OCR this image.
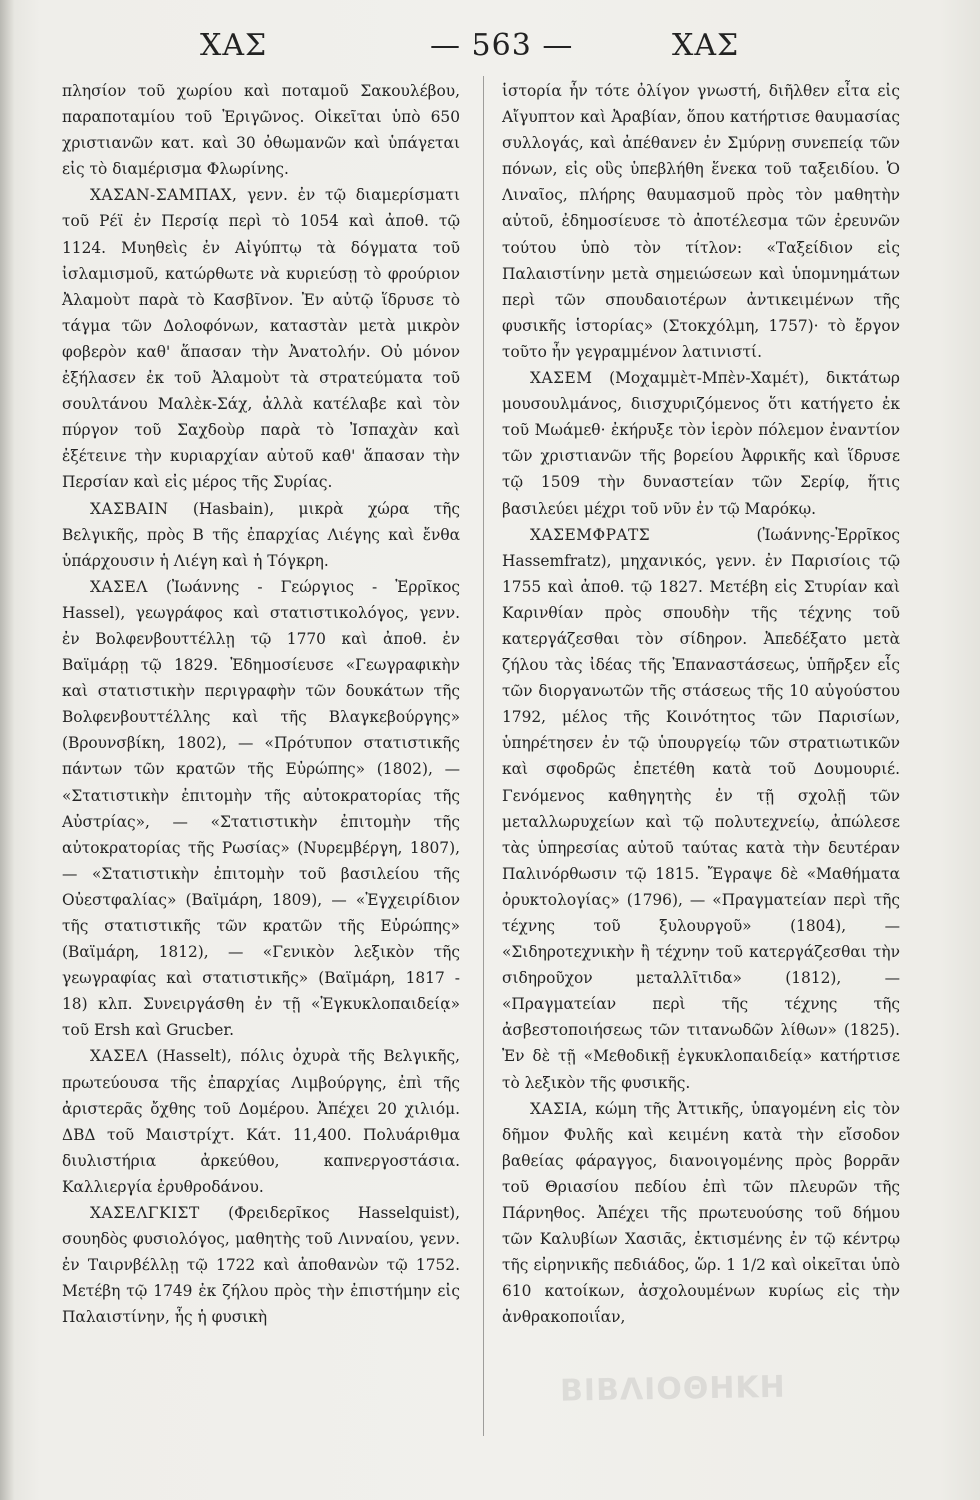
ΧΑΣ	— 563 —	ΧΑΣ

πλησίον τοῦ χωρίου καὶ ποταμοῦ Σακουλέβου, παραποταμίου τοῦ Ἐριγῶνος. Οἰκεῖται ὑπὸ 650 χριστιανῶν κατ. καὶ 30 ὀθωμανῶν καὶ ὑπάγεται εἰς τὸ διαμέρισμα Φλωρίνης.

ΧΑΣΑΝ-ΣΑΜΠΑΧ, γενν. ἐν τῷ διαμερίσματι τοῦ Ρέϊ ἐν Περσίᾳ περὶ τὸ 1054 καὶ ἀποθ. τῷ 1124. Μυηθεὶς ἐν Αἰγύπτῳ τὰ δόγματα τοῦ ἰσλαμισμοῦ, κατώρθωτε νὰ κυριεύσῃ τὸ φρούριον Ἀλαμοὺτ παρὰ τὸ Κασβῖνον. Ἐν αὐτῷ ἵδρυσε τὸ τάγμα τῶν Δολοφόνων, καταστὰν μετὰ μικρὸν φοβερὸν καθ' ἅπασαν τὴν Ἀνατολήν. Οὐ μόνον ἐξήλασεν ἐκ τοῦ Ἀλαμοὺτ τὰ στρατεύματα τοῦ σουλτάνου Μαλὲκ-Σάχ, ἀλλὰ κατέλαβε καὶ τὸν πύργον τοῦ Σαχδοὺρ παρὰ τὸ Ἰσπαχὰν καὶ ἐξέτεινε τὴν κυριαρχίαν αὐτοῦ καθ' ἅπασαν τὴν Περσίαν καὶ εἰς μέρος τῆς Συρίας.

ΧΑΣΒΑΙΝ (Hasbain), μικρὰ χώρα τῆς Βελγικῆς, πρὸς Β τῆς ἐπαρχίας Λιέγης καὶ ἔνθα ὑπάρχουσιν ἡ Λιέγη καὶ ἡ Τόγκρη.

ΧΑΣΕΛ (Ἰωάννης - Γεώργιος - Ἐρρῖκος Hassel), γεωγράφος καὶ στατιστικολόγος, γενν. ἐν Βολφενβουττέλλῃ τῷ 1770 καὶ ἀποθ. ἐν Βαϊμάρῃ τῷ 1829. Ἐδημοσίευσε «Γεωγραφικὴν καὶ στατιστικὴν περιγραφὴν τῶν δουκάτων τῆς Βολφενβουττέλλης καὶ τῆς Βλαγκεβούργης» (Βρουνσβίκη, 1802), — «Πρότυπον στατιστικῆς πάντων τῶν κρατῶν τῆς Εὐρώπης» (1802), — «Στατιστικὴν ἐπιτομὴν τῆς αὐτοκρατορίας τῆς Αὐστρίας», — «Στατιστικὴν ἐπιτομὴν τῆς αὐτοκρατορίας τῆς Ρωσίας» (Νυρεμβέργη, 1807), — «Στατιστικὴν ἐπιτομὴν τοῦ βασιλείου τῆς Οὐεστφαλίας» (Βαϊμάρη, 1809), — «Ἐγχειρίδιον τῆς στατιστικῆς τῶν κρατῶν τῆς Εὐρώπης» (Βαϊμάρη, 1812), — «Γενικὸν λεξικὸν τῆς γεωγραφίας καὶ στατιστικῆς» (Βαϊμάρη, 1817 - 18) κλπ. Συνειργάσθη ἐν τῇ «Ἐγκυκλοπαιδείᾳ» τοῦ Ersh καὶ Grucber.

ΧΑΣΕΛ (Hasselt), πόλις ὀχυρὰ τῆς Βελγικῆς, πρωτεύουσα τῆς ἐπαρχίας Λιμβούργης, ἐπὶ τῆς ἀριστερᾶς ὄχθης τοῦ Δομέρου. Ἀπέχει 20 χιλιόμ. ΔΒΔ τοῦ Μαιστρίχτ. Κάτ. 11,400. Πολυάριθμα διυλιστήρια ἀρκεύθου, καπνεργοστάσια. Καλλιεργία ἐρυθροδάνου.

ΧΑΣΕΛΓΚΙΣΤ (Φρειδερῖκος Hasselquist), σουηδὸς φυσιολόγος, μαθητὴς τοῦ Λινναίου, γενν. ἐν Ταιρνβέλλῃ τῷ 1722 καὶ ἀποθανὼν τῷ 1752. Μετέβη τῷ 1749 ἐκ ζήλου πρὸς τὴν ἐπιστήμην εἰς Παλαιστίνην, ἧς ἡ φυσικὴ

ἱστορία ἦν τότε ὀλίγον γνωστή, διῆλθεν εἶτα εἰς Αἴγυπτον καὶ Ἀραβίαν, ὅπου κατήρτισε θαυμασίας συλλογάς, καὶ ἀπέθανεν ἐν Σμύρνῃ συνεπείᾳ τῶν πόνων, εἰς οὓς ὑπεβλήθη ἕνεκα τοῦ ταξειδίου. Ὁ Λιναῖος, πλήρης θαυμασμοῦ πρὸς τὸν μαθητὴν αὐτοῦ, ἐδημοσίευσε τὸ ἀποτέλεσμα τῶν ἐρευνῶν τούτου ὑπὸ τὸν τίτλον: «Ταξείδιον εἰς Παλαιστίνην μετὰ σημειώσεων καὶ ὑπομνημάτων περὶ τῶν σπουδαιοτέρων ἀντικειμένων τῆς φυσικῆς ἱστορίας» (Στοκχόλμη, 1757)· τὸ ἔργον τοῦτο ἦν γεγραμμένον λατινιστί.

ΧΑΣΕΜ (Μοχαμμὲτ-Μπὲν-Χαμέτ), δικτάτωρ μουσουλμάνος, διισχυριζόμενος ὅτι κατήγετο ἐκ τοῦ Μωάμεθ· ἐκήρυξε τὸν ἱερὸν πόλεμον ἐναντίον τῶν χριστιανῶν τῆς βορείου Ἀφρικῆς καὶ ἵδρυσε τῷ 1509 τὴν δυναστείαν τῶν Σερίφ, ἥτις βασιλεύει μέχρι τοῦ νῦν ἐν τῷ Μαρόκῳ.

ΧΑΣΕΜΦΡΑΤΣ	(Ἰωάννης-Ἐρρῖκος Hassemfratz), μηχανικός, γενν. ἐν Παρισίοις τῷ 1755 καὶ ἀποθ. τῷ 1827. Μετέβη εἰς Στυρίαν καὶ Καρινθίαν πρὸς σπουδὴν τῆς τέχνης τοῦ κατεργάζεσθαι τὸν σίδηρον. Ἀπεδέξατο μετὰ ζήλου τὰς ἰδέας τῆς Ἐπαναστάσεως, ὑπῆρξεν εἷς τῶν διοργανωτῶν τῆς στάσεως τῆς 10 αὐγούστου 1792, μέλος τῆς Κοινότητος τῶν Παρισίων, ὑπηρέτησεν ἐν τῷ ὑπουργείῳ τῶν στρατιωτικῶν καὶ σφοδρῶς ἐπετέθη κατὰ τοῦ Δουμουριέ. Γενόμενος καθηγητὴς ἐν τῇ σχολῇ τῶν μεταλλωρυχείων καὶ τῷ πολυτεχνείῳ, ἀπώλεσε τὰς ὑπηρεσίας αὐτοῦ ταύτας κατὰ τὴν δευτέραν Παλινόρθωσιν τῷ 1815. Ἔγραψε δὲ «Μαθήματα ὀρυκτολογίας» (1796), — «Πραγματείαν περὶ τῆς τέχνης τοῦ ξυλουργοῦ» (1804), — «Σιδηροτεχνικὴν ἢ τέχνην τοῦ κατεργάζεσθαι τὴν σιδηροῦχον μεταλλῖτιδα» (1812), — «Πραγματείαν περὶ τῆς τέχνης τῆς ἀσβεστοποιήσεως τῶν τιτανωδῶν λίθων» (1825). Ἐν δὲ τῇ «Μεθοδικῇ ἐγκυκλοπαιδείᾳ» κατήρτισε τὸ λεξικὸν τῆς φυσικῆς.

ΧΑΣΙΑ, κώμη τῆς Ἀττικῆς, ὑπαγομένη εἰς τὸν δῆμον Φυλῆς καὶ κειμένη κατὰ τὴν εἴσοδον βαθείας φάραγγος, διανοιγομένης πρὸς βορρᾶν τοῦ Θριασίου πεδίου ἐπὶ τῶν πλευρῶν τῆς Πάρνηθος. Ἀπέχει τῆς πρωτευούσης τοῦ δήμου τῶν Καλυβίων Χασιᾶς, ἐκτισμένης ἐν τῷ κέντρῳ τῆς εἰρηνικῆς πεδιάδος, ὥρ. 1 1/2 καὶ οἰκεῖται ὑπὸ 610 κατοίκων, ἀσχολουμένων κυρίως εἰς τὴν ἀνθρακοποιΐαν,

ΒΙΒΛΙΟΘΗΚΗ
